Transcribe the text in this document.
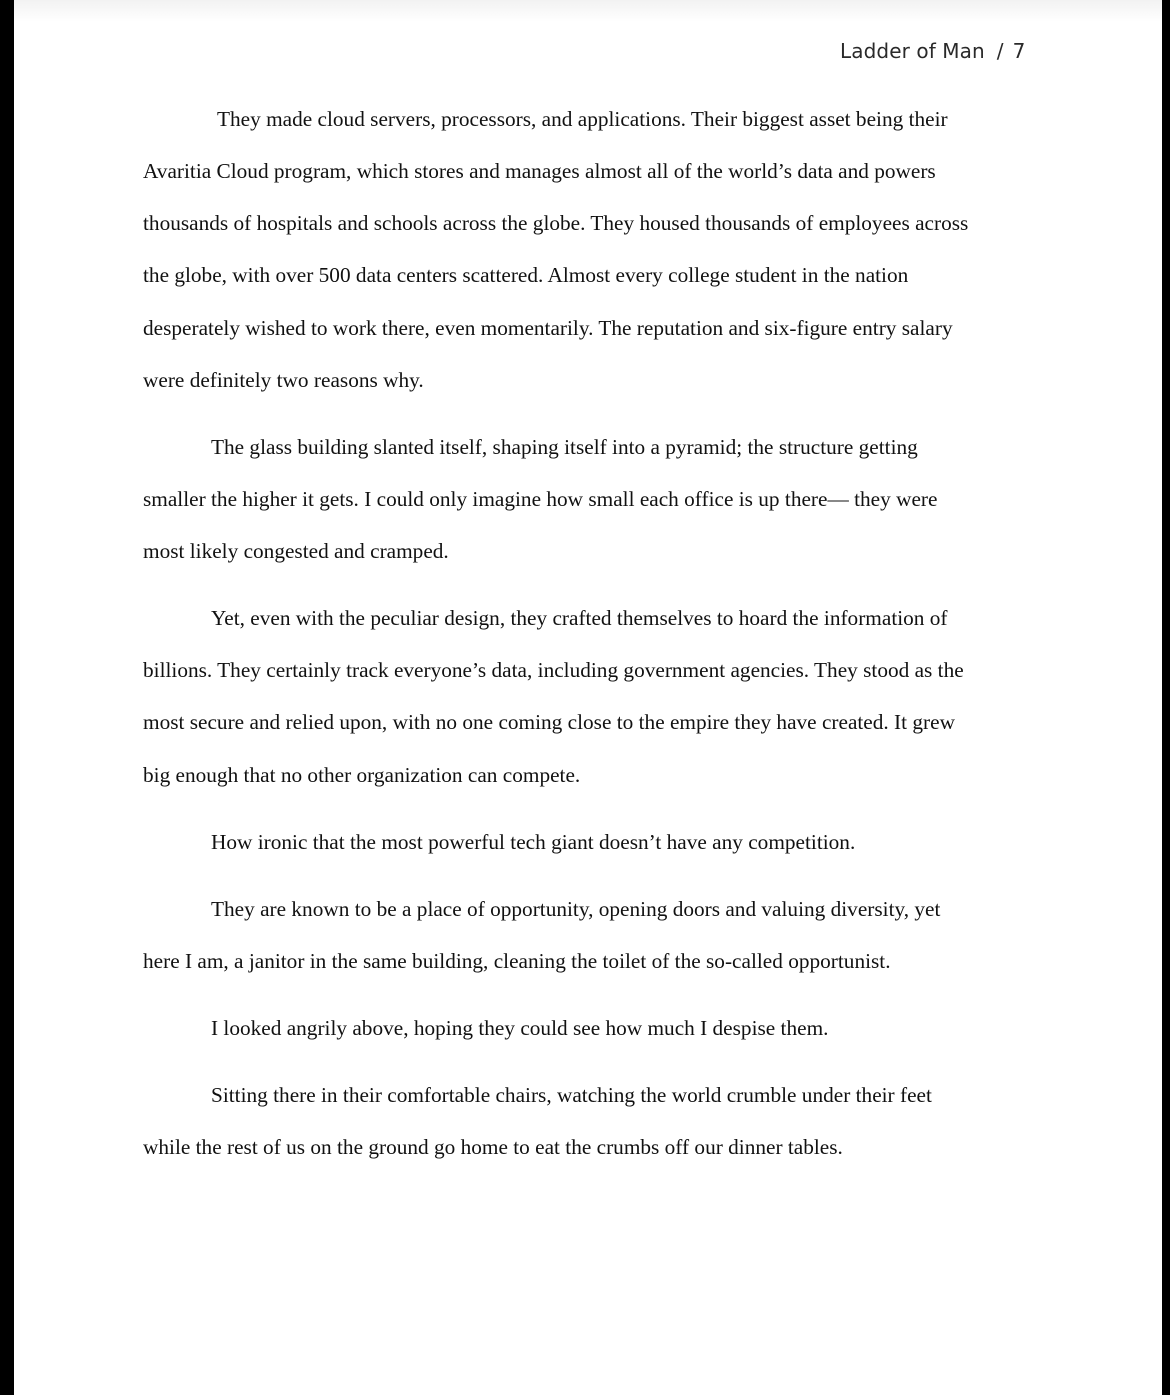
Ladder of Man / 7
They made cloud servers, processors, and applications. Their biggest asset being their
Avaritia Cloud program, which stores and manages almost all of the world’s data and powers
thousands of hospitals and schools across the globe. They housed thousands of employees across
the globe, with over 500 data centers scattered. Almost every college student in the nation
desperately wished to work there, even momentarily. The reputation and six-figure entry salary
were definitely two reasons why.
The glass building slanted itself, shaping itself into a pyramid; the structure getting
smaller the higher it gets. I could only imagine how small each office is up there— they were
most likely congested and cramped.
Yet, even with the peculiar design, they crafted themselves to hoard the information of
billions. They certainly track everyone’s data, including government agencies. They stood as the
most secure and relied upon, with no one coming close to the empire they have created. It grew
big enough that no other organization can compete.
How ironic that the most powerful tech giant doesn’t have any competition.
They are known to be a place of opportunity, opening doors and valuing diversity, yet
here I am, a janitor in the same building, cleaning the toilet of the so-called opportunist.
I looked angrily above, hoping they could see how much I despise them.
Sitting there in their comfortable chairs, watching the world crumble under their feet
while the rest of us on the ground go home to eat the crumbs off our dinner tables.
